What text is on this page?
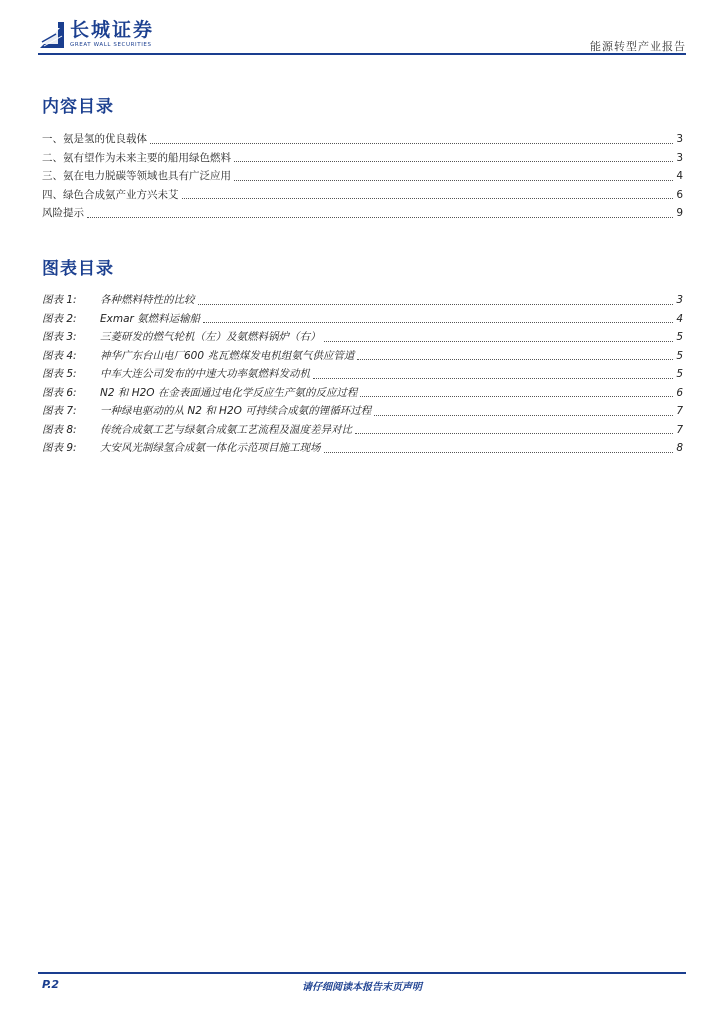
长城证券
GREAT WALL SECURITIES	能源转型产业报告
内容目录
一、氨是氢的优良载体	3
二、氨有望作为未来主要的船用绿色燃料	3
三、氨在电力脱碳等领域也具有广泛应用	4
四、绿色合成氨产业方兴未艾	6
风险提示	9
图表目录
图表 1: 各种燃料特性的比较	3
图表 2: Exmar 氨燃料运输船	4
图表 3: 三菱研发的燃气轮机（左）及氨燃料锅炉（右）	5
图表 4: 神华广东台山电厂600 兆瓦燃煤发电机组氨气供应管道	5
图表 5: 中车大连公司发布的中速大功率氨燃料发动机	5
图表 6: N2 和 H2O 在金表面通过电化学反应生产氨的反应过程	6
图表 7: 一种绿电驱动的从 N2 和 H2O 可持续合成氨的锂循环过程	7
图表 8: 传统合成氨工艺与绿氨合成氨工艺流程及温度差异对比	7
图表 9: 大安风光制绿氢合成氨一体化示范项目施工现场	8
P.2	请仔细阅读本报告末页声明
